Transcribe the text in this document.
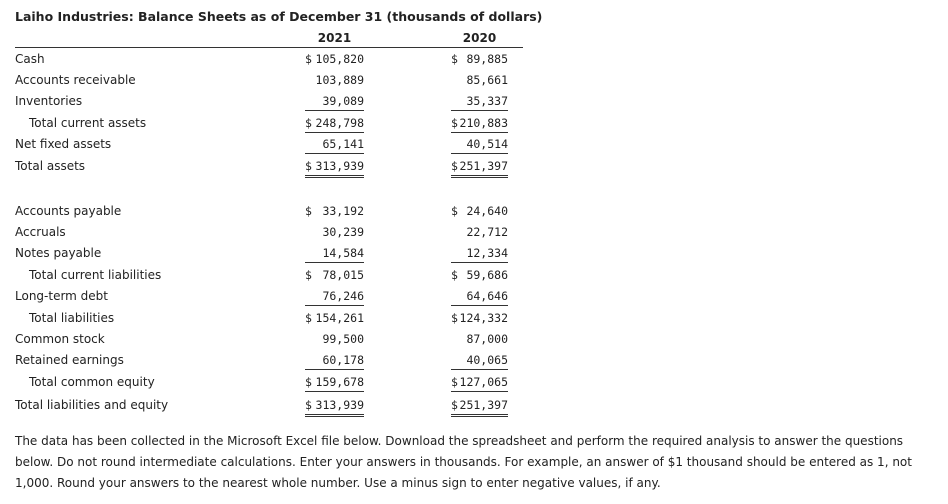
Laiho Industries: Balance Sheets as of December 31 (thousands of dollars)
2021	2020
Cash	$ 105,820	$ 89,885
Accounts receivable	103,889	85,661
Inventories	39,089	35,337
Total current assets	$ 248,798	$ 210,883
Net fixed assets	65,141	40,514
Total assets	$ 313,939	$ 251,397
Accounts payable	$ 33,192	$ 24,640
Accruals	30,239	22,712
Notes payable	14,584	12,334
Total current liabilities	$ 78,015	$ 59,686
Long-term debt	76,246	64,646
Total liabilities	$ 154,261	$ 124,332
Common stock	99,500	87,000
Retained earnings	60,178	40,065
Total common equity	$ 159,678	$ 127,065
Total liabilities and equity	$ 313,939	$ 251,397
The data has been collected in the Microsoft Excel file below. Download the spreadsheet and perform the required analysis to answer the questions below. Do not round intermediate calculations. Enter your answers in thousands. For example, an answer of $1 thousand should be entered as 1, not 1,000. Round your answers to the nearest whole number. Use a minus sign to enter negative values, if any.
